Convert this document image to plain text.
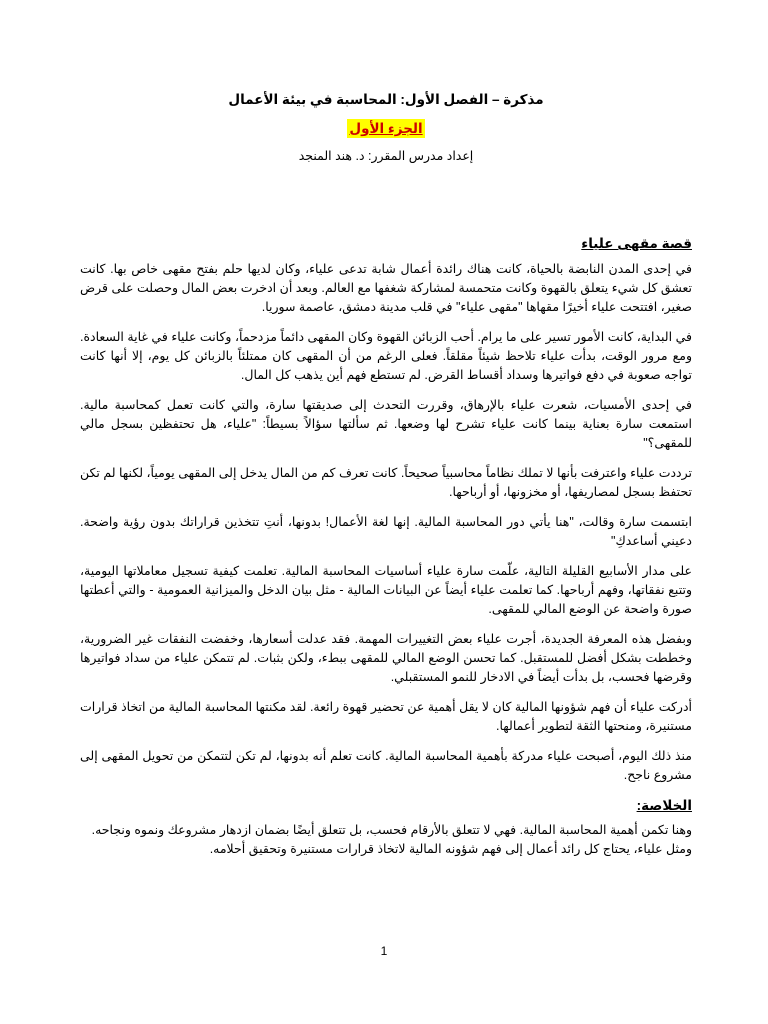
مذكرة – الفصل الأول: المحاسبة في بيئة الأعمال
الجزء الأول
إعداد مدرس المقرر: د. هند المنجد
قصة مقهى علياء

في إحدى المدن النابضة بالحياة، كانت هناك رائدة أعمال شابة تدعى علياء، وكان لديها حلم بفتح مقهى خاص بها. كانت تعشق كل شيء يتعلق بالقهوة وكانت متحمسة لمشاركة شغفها مع العالم. وبعد أن ادخرت بعض المال وحصلت على قرض صغير، افتتحت علياء أخيرًا مقهاها "مقهى علياء" في قلب مدينة دمشق، عاصمة سوريا.

في البداية، كانت الأمور تسير على ما يرام. أحب الزبائن القهوة وكان المقهى دائماً مزدحماً، وكانت علياء في غاية السعادة. ومع مرور الوقت، بدأت علياء تلاحظ شيئاً مقلقاً. فعلى الرغم من أن المقهى كان ممتلئاً بالزبائن كل يوم، إلا أنها كانت تواجه صعوبة في دفع فواتيرها وسداد أقساط القرض. لم تستطع فهم أين يذهب كل المال.

في إحدى الأمسيات، شعرت علياء بالإرهاق، وقررت التحدث إلى صديقتها سارة، والتي كانت تعمل كمحاسبة مالية. استمعت سارة بعناية بينما كانت علياء تشرح لها وضعها. ثم سألتها سؤالاً بسيطاً: "علياء، هل تحتفظين بسجل مالي للمقهى؟"

ترددت علياء واعترفت بأنها لا تملك نظاماً محاسبياً صحيحاً. كانت تعرف كم من المال يدخل إلى المقهى يومياً، لكنها لم تكن تحتفظ بسجل لمصاريفها، أو مخزونها، أو أرباحها.

ابتسمت سارة وقالت، "هنا يأتي دور المحاسبة المالية. إنها لغة الأعمال! بدونها، أنتِ تتخذين قراراتك بدون رؤية واضحة. دعيني أساعدكِ"

على مدار الأسابيع القليلة التالية، علّمت سارة علياء أساسيات المحاسبة المالية. تعلمت كيفية تسجيل معاملاتها اليومية، وتتبع نفقاتها، وفهم أرباحها. كما تعلمت علياء أيضاً عن البيانات المالية - مثل بيان الدخل والميزانية العمومية - والتي أعطتها صورة واضحة عن الوضع المالي للمقهى.

وبفضل هذه المعرفة الجديدة، أجرت علياء بعض التغييرات المهمة. فقد عدلت أسعارها، وخفضت النفقات غير الضرورية، وخططت بشكل أفضل للمستقبل. كما تحسن الوضع المالي للمقهى ببطء، ولكن بثبات. لم تتمكن علياء من سداد فواتيرها وقرضها فحسب، بل بدأت أيضاً في الادخار للنمو المستقبلي.

أدركت علياء أن فهم شؤونها المالية كان لا يقل أهمية عن تحضير قهوة رائعة. لقد مكنتها المحاسبة المالية من اتخاذ قرارات مستنيرة، ومنحتها الثقة لتطوير أعمالها.

منذ ذلك اليوم، أصبحت علياء مدركة بأهمية المحاسبة المالية. كانت تعلم أنه بدونها، لم تكن لتتمكن من تحويل المقهى إلى مشروع ناجح.

الخلاصة:

وهنا تكمن أهمية المحاسبة المالية. فهي لا تتعلق بالأرقام فحسب، بل تتعلق أيضًا بضمان ازدهار مشروعك ونموه ونجاحه.

ومثل علياء، يحتاج كل رائد أعمال إلى فهم شؤونه المالية لاتخاذ قرارات مستنيرة وتحقيق أحلامه.

1
